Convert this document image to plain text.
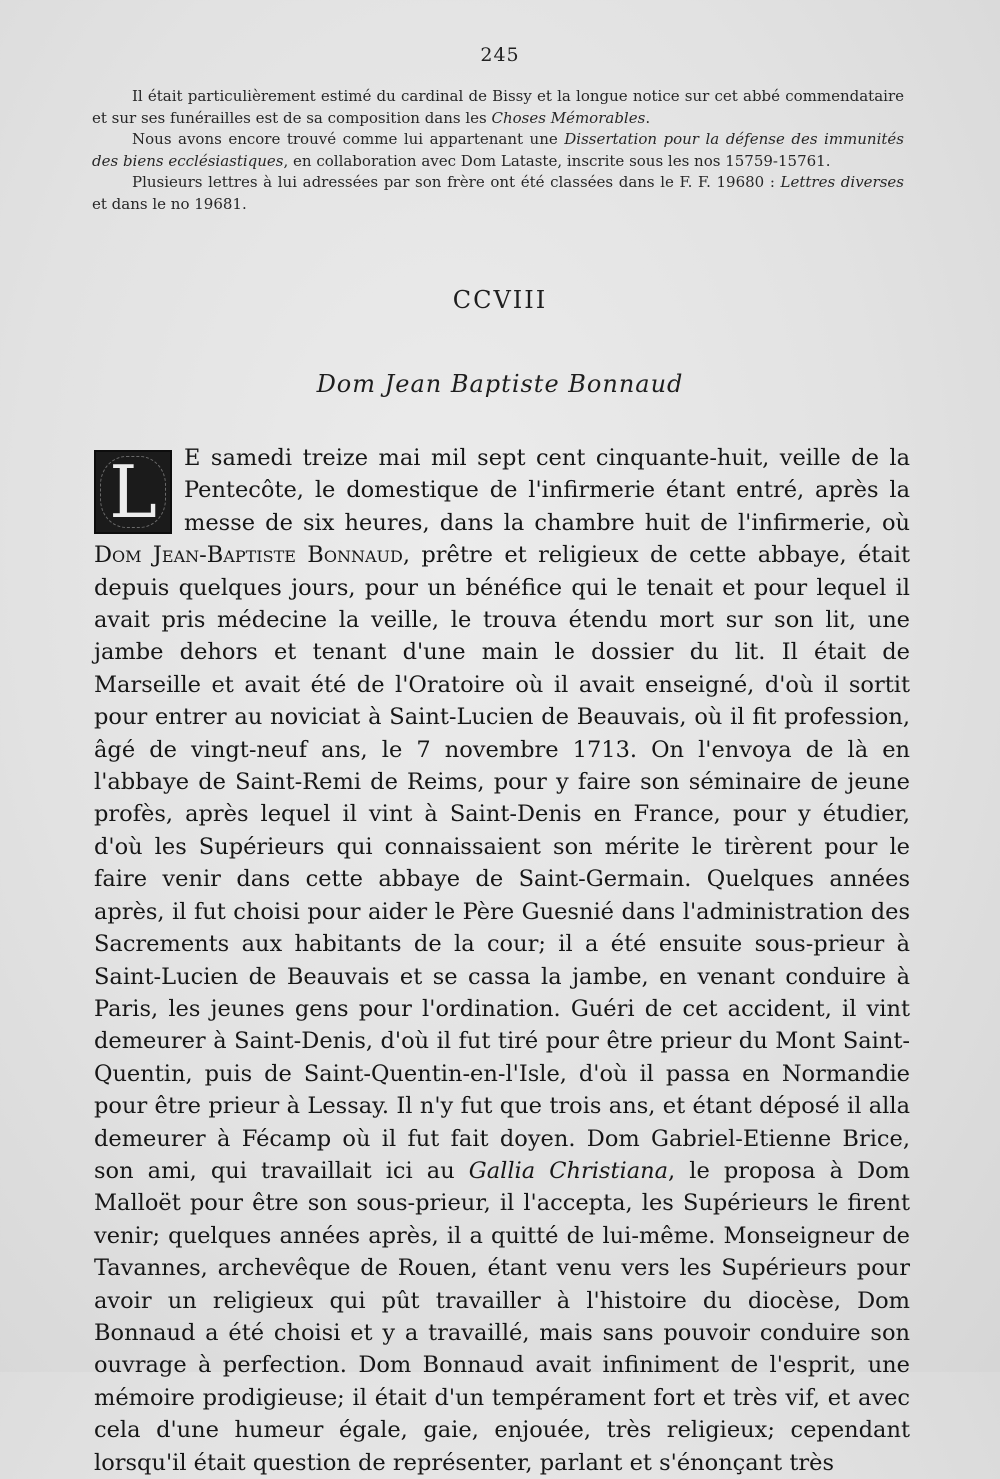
245

Il était particulièrement estimé du cardinal de Bissy et la longue notice sur cet abbé commendataire et sur ses funérailles est de sa composition dans les Choses Mémorables.

Nous avons encore trouvé comme lui appartenant une Dissertation pour la défense des immunités des biens ecclésiastiques, en collaboration avec Dom Lataste, inscrite sous les nos 15759-15761.

Plusieurs lettres à lui adressées par son frère ont été classées dans le F. F. 19680 : Lettres diverses et dans le no 19681.

CCVIII
Dom Jean Baptiste Bonnaud
L	E samedi treize mai mil sept cent cinquante-huit, veille de la Pentecôte, le domestique de l'infirmerie étant entré, après la messe de six heures, dans la chambre huit de l'infirmerie, où Dom Jean-Baptiste Bonnaud, prêtre et religieux de cette abbaye, était depuis quelques jours, pour un bénéfice qui le tenait et pour lequel il avait pris médecine la veille, le trouva étendu mort sur son lit, une jambe dehors et tenant d'une main le dossier du lit. Il était de Marseille et avait été de l'Oratoire où il avait enseigné, d'où il sortit pour entrer au noviciat à Saint-Lucien de Beauvais, où il fit profession, âgé de vingt-neuf ans, le 7 novembre 1713. On l'envoya de là en l'abbaye de Saint-Remi de Reims, pour y faire son séminaire de jeune profès, après lequel il vint à Saint-Denis en France, pour y étudier, d'où les Supérieurs qui connaissaient son mérite le tirèrent pour le faire venir dans cette abbaye de Saint-Germain. Quelques années après, il fut choisi pour aider le Père Guesnié dans l'administration des Sacrements aux habitants de la cour; il a été ensuite sous-prieur à Saint-Lucien de Beauvais et se cassa la jambe, en venant conduire à Paris, les jeunes gens pour l'ordination. Guéri de cet accident, il vint demeurer à Saint-Denis, d'où il fut tiré pour être prieur du Mont Saint-Quentin, puis de Saint-Quentin-en-l'Isle, d'où il passa en Normandie pour être prieur à Lessay. Il n'y fut que trois ans, et étant déposé il alla demeurer à Fécamp où il fut fait doyen. Dom Gabriel-Etienne Brice, son ami, qui travaillait ici au Gallia Christiana, le proposa à Dom Malloët pour être son sous-prieur, il l'accepta, les Supérieurs le firent venir; quelques années après, il a quitté de lui-même. Monseigneur de Tavannes, archevêque de Rouen, étant venu vers les Supérieurs pour avoir un religieux qui pût travailler à l'histoire du diocèse, Dom Bonnaud a été choisi et y a travaillé, mais sans pouvoir conduire son ouvrage à perfection. Dom Bonnaud avait infiniment de l'esprit, une mémoire prodigieuse; il était d'un tempérament fort et très vif, et avec cela d'une humeur égale, gaie, enjouée, très religieux; cependant lorsqu'il était question de représenter, parlant et s'énonçant très
